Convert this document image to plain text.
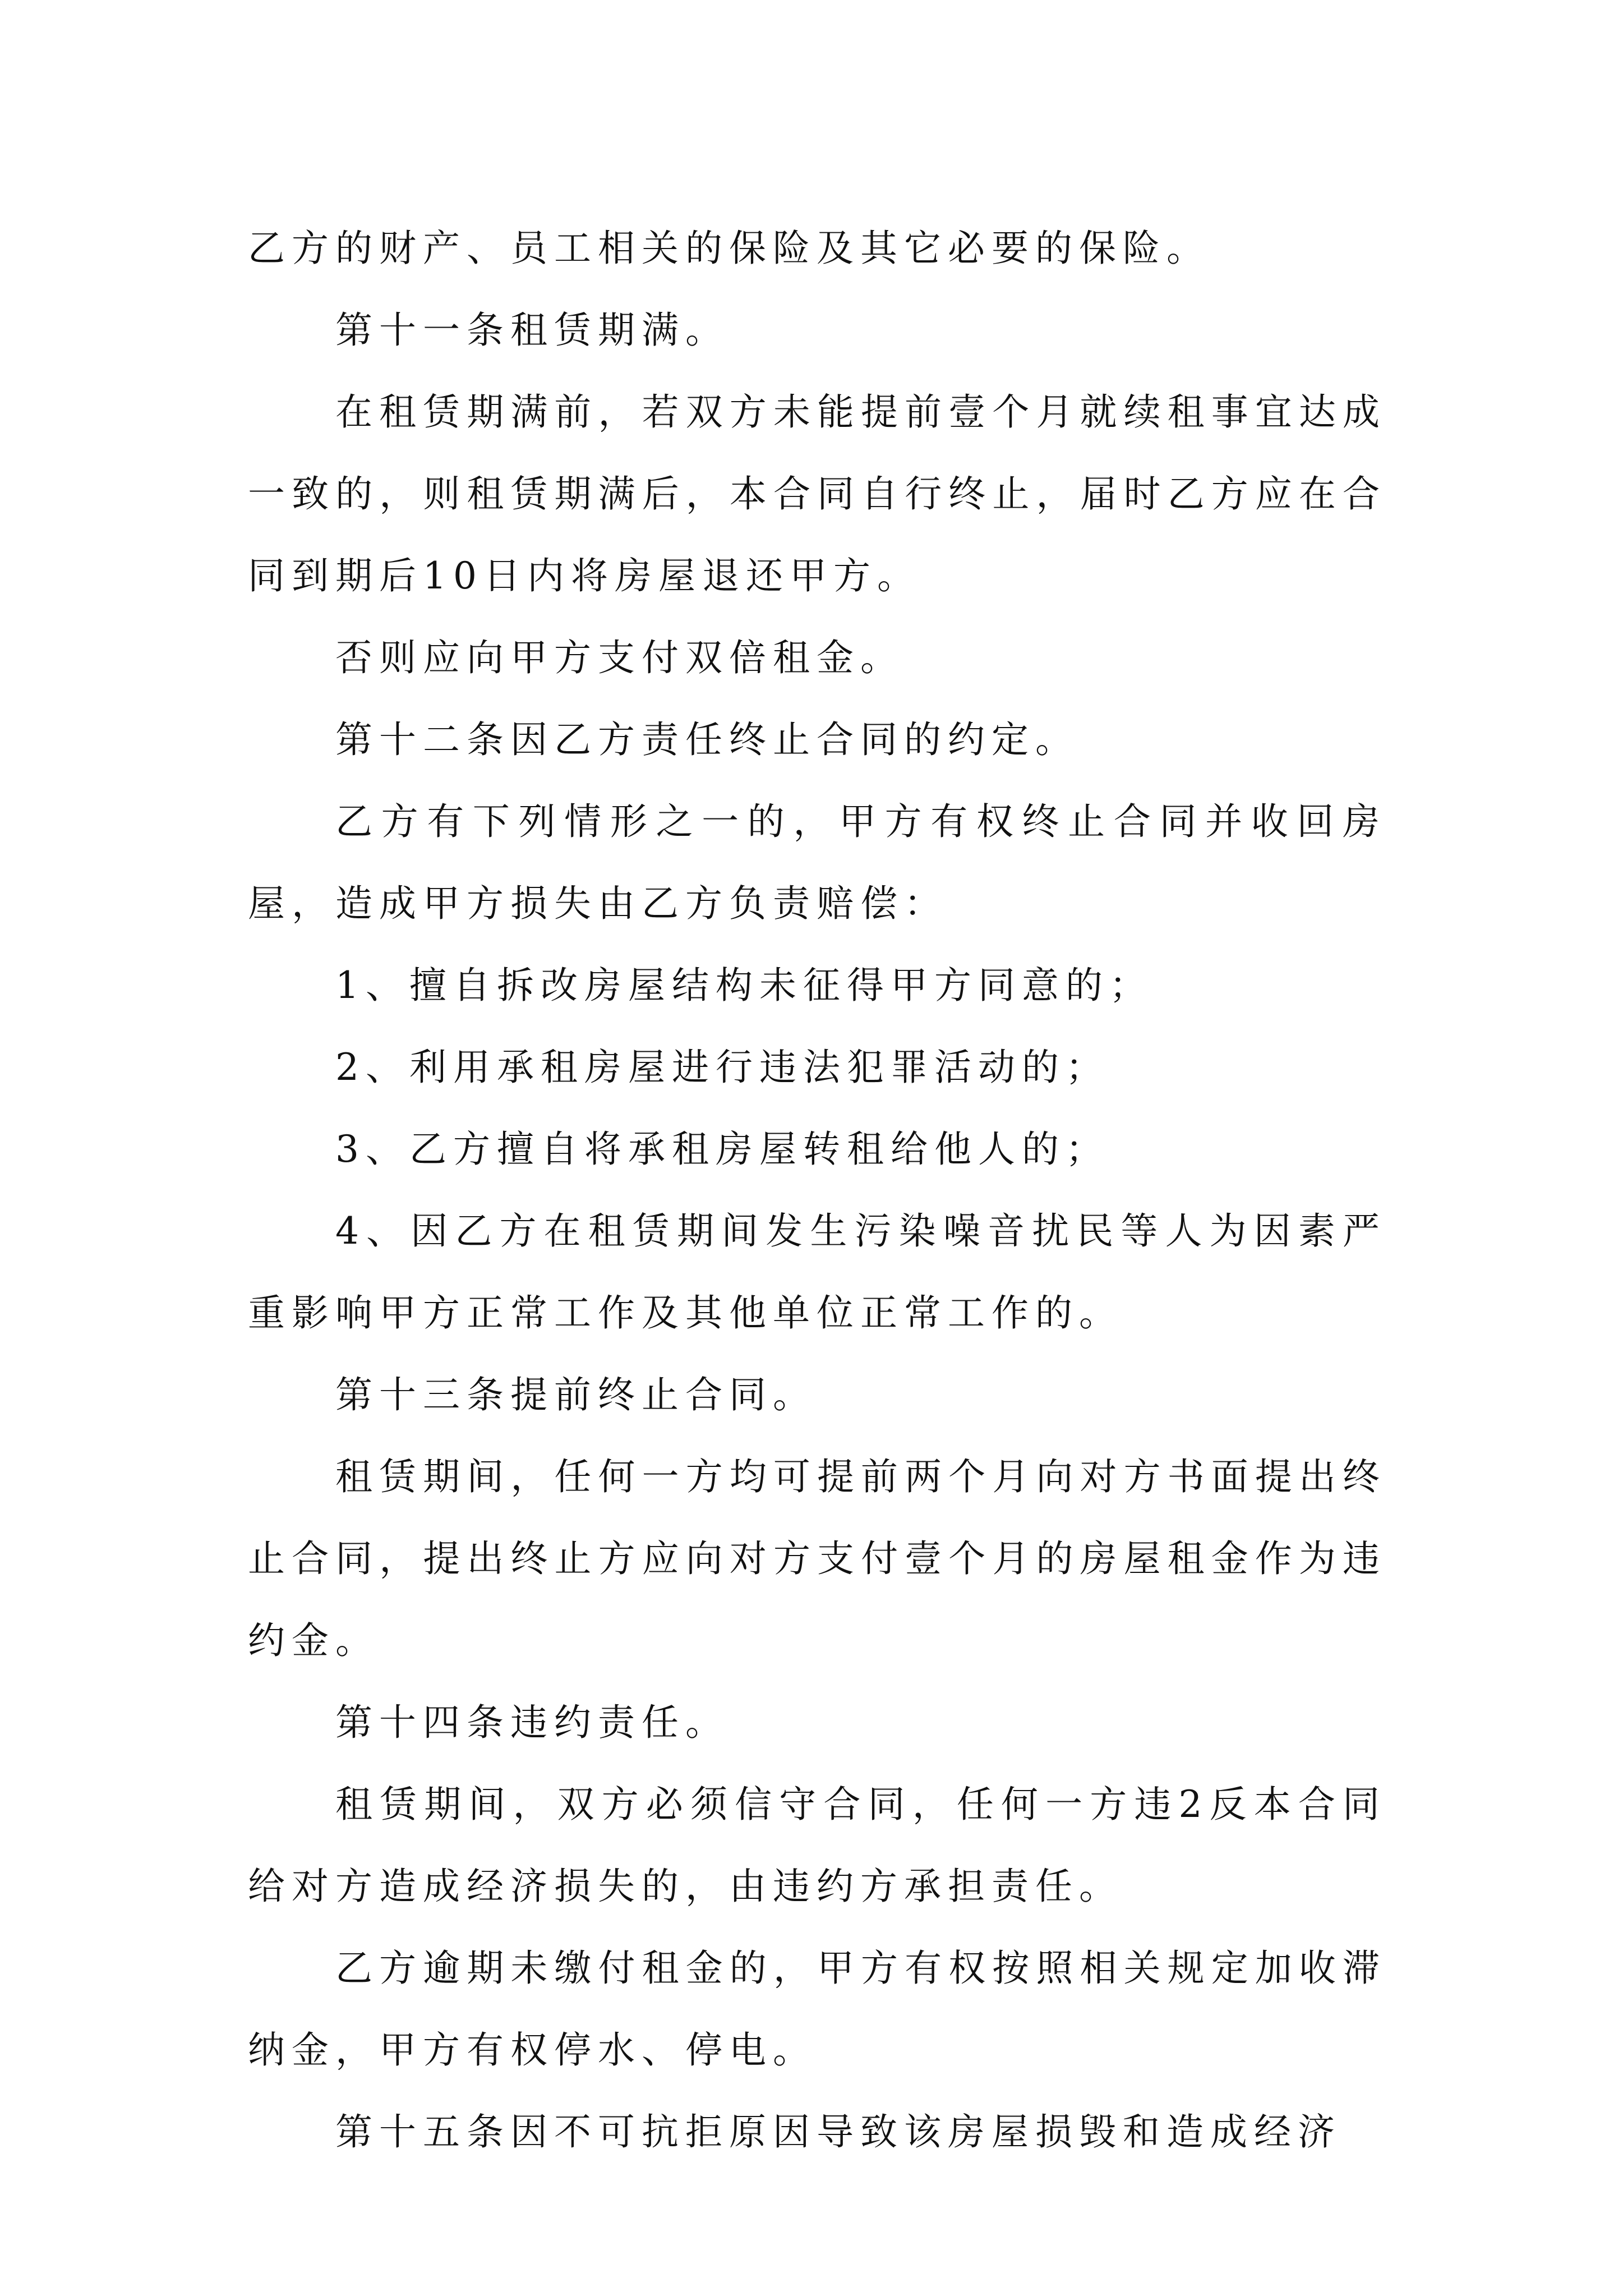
乙方的财产、员工相关的保险及其它必要的保险。

第十一条租赁期满。

在租赁期满前，若双方未能提前壹个月就续租事宜达成一致的，则租赁期满后，本合同自行终止，届时乙方应在合同到期后10日内将房屋退还甲方。

否则应向甲方支付双倍租金。

第十二条因乙方责任终止合同的约定。

乙方有下列情形之一的，甲方有权终止合同并收回房屋，造成甲方损失由乙方负责赔偿：

1、擅自拆改房屋结构未征得甲方同意的；

2、利用承租房屋进行违法犯罪活动的；

3、乙方擅自将承租房屋转租给他人的；

4、因乙方在租赁期间发生污染噪音扰民等人为因素严重影响甲方正常工作及其他单位正常工作的。

第十三条提前终止合同。

租赁期间，任何一方均可提前两个月向对方书面提出终止合同，提出终止方应向对方支付壹个月的房屋租金作为违约金。

第十四条违约责任。

租赁期间，双方必须信守合同，任何一方违2反本合同给对方造成经济损失的，由违约方承担责任。

乙方逾期未缴付租金的，甲方有权按照相关规定加收滞纳金，甲方有权停水、停电。

第十五条因不可抗拒原因导致该房屋损毁和造成经济
